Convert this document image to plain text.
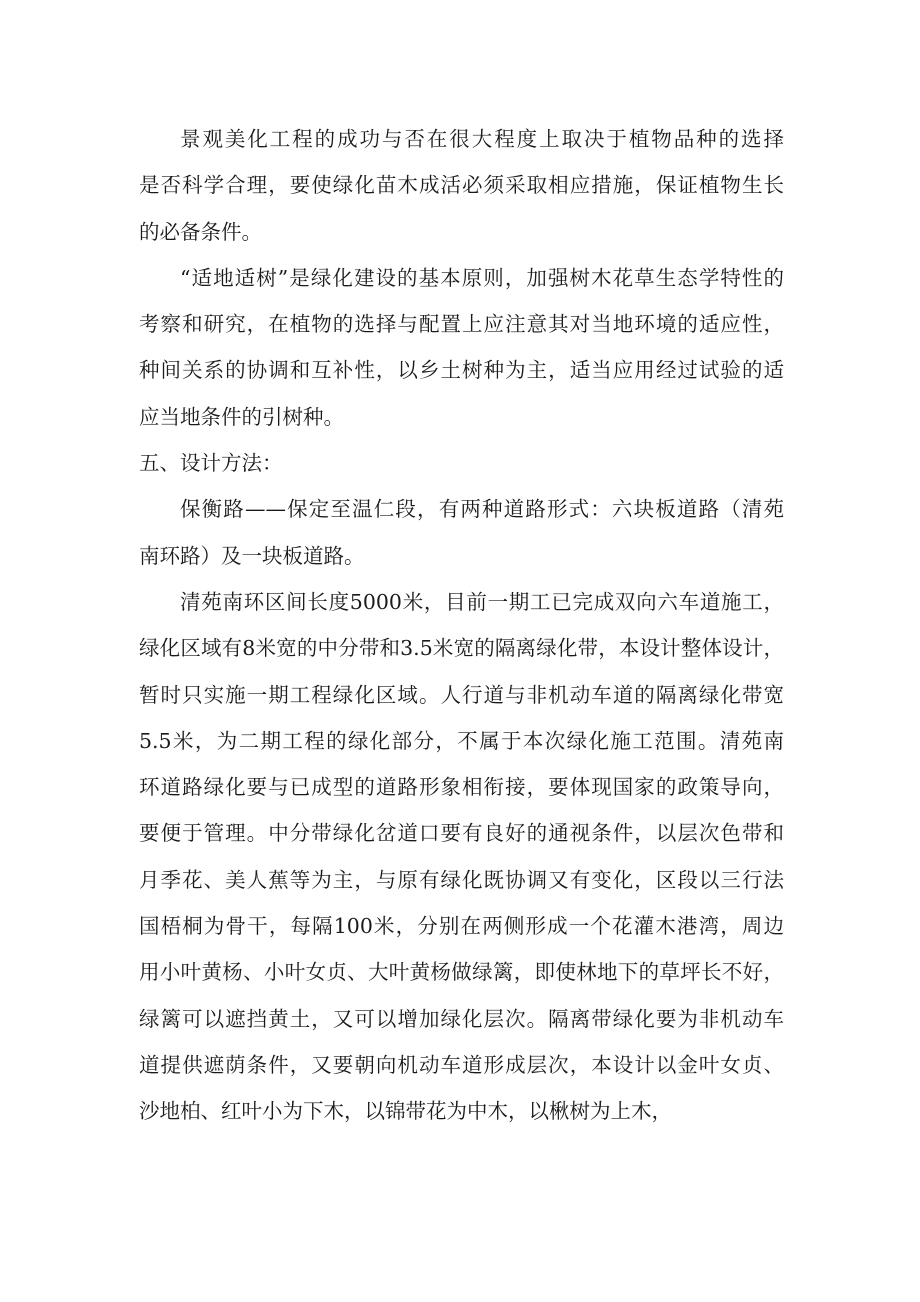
景观美化工程的成功与否在很大程度上取决于植物品种的选择
是否科学合理，要使绿化苗木成活必须采取相应措施，保证植物生长
的必备条件。
“适地适树”是绿化建设的基本原则，加强树木花草生态学特性的
考察和研究，在植物的选择与配置上应注意其对当地环境的适应性，
种间关系的协调和互补性，以乡土树种为主，适当应用经过试验的适
应当地条件的引树种。
五、设计方法：
保衡路——保定至温仁段，有两种道路形式：六块板道路（清苑
南环路）及一块板道路。
清苑南环区间长度5000米，目前一期工已完成双向六车道施工，
绿化区域有8米宽的中分带和3.5米宽的隔离绿化带，本设计整体设计，
暂时只实施一期工程绿化区域。人行道与非机动车道的隔离绿化带宽
5.5米，为二期工程的绿化部分，不属于本次绿化施工范围。清苑南
环道路绿化要与已成型的道路形象相衔接，要体现国家的政策导向，
要便于管理。中分带绿化岔道口要有良好的通视条件，以层次色带和
月季花、美人蕉等为主，与原有绿化既协调又有变化，区段以三行法
国梧桐为骨干，每隔100米，分别在两侧形成一个花灌木港湾，周边
用小叶黄杨、小叶女贞、大叶黄杨做绿篱，即使林地下的草坪长不好，
绿篱可以遮挡黄土，又可以增加绿化层次。隔离带绿化要为非机动车
道提供遮荫条件，又要朝向机动车道形成层次，本设计以金叶女贞、
沙地柏、红叶小为下木，以锦带花为中木，以楸树为上木，
